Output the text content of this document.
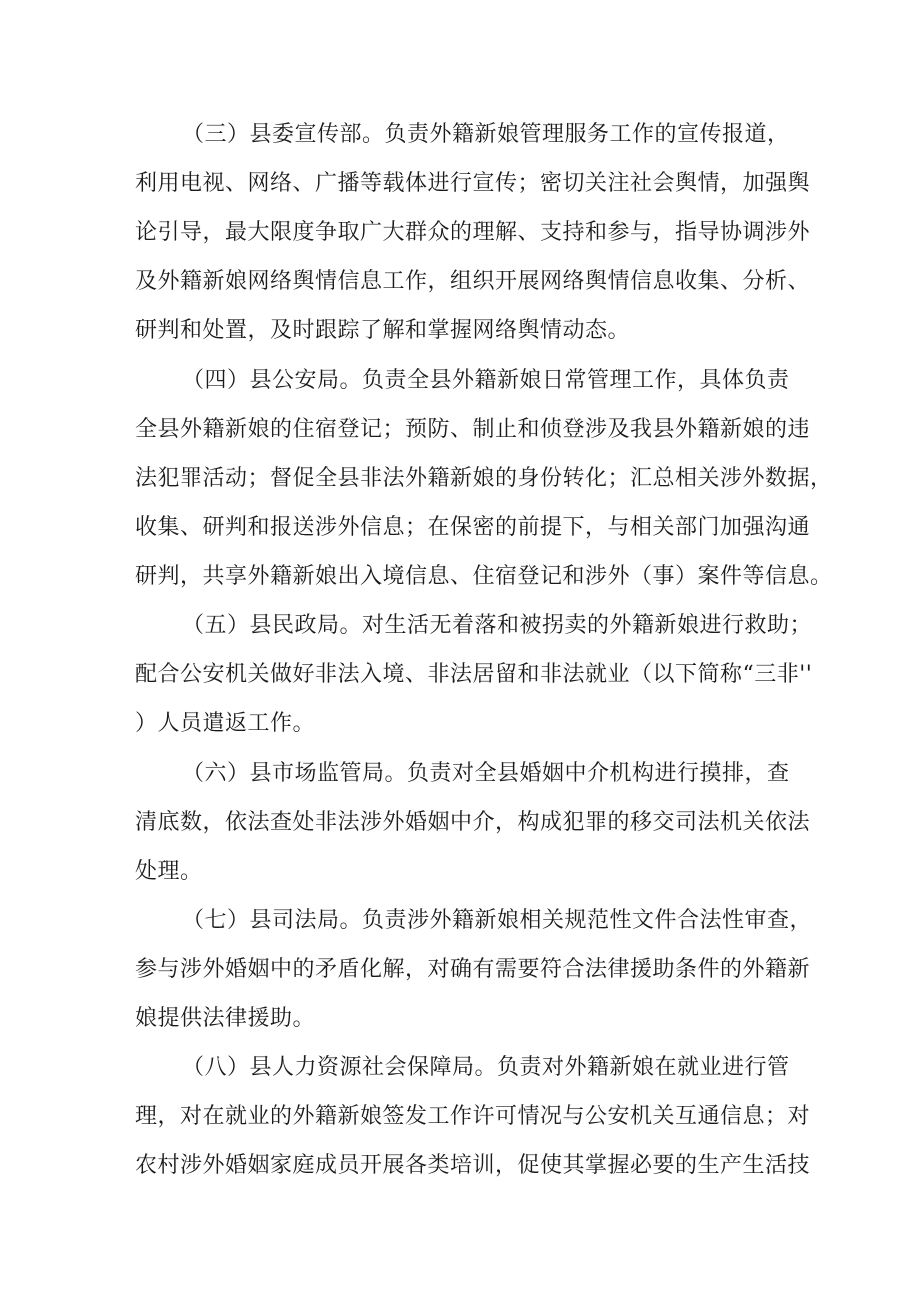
（三）县委宣传部。负责外籍新娘管理服务工作的宣传报道，
利用电视、网络、广播等载体进行宣传；密切关注社会舆情，加强舆
论引导，最大限度争取广大群众的理解、支持和参与，指导协调涉外
及外籍新娘网络舆情信息工作，组织开展网络舆情信息收集、分析、
研判和处置，及时跟踪了解和掌握网络舆情动态。
（四）县公安局。负责全县外籍新娘日常管理工作，具体负责
全县外籍新娘的住宿登记；预防、制止和侦登涉及我县外籍新娘的违
法犯罪活动；督促全县非法外籍新娘的身份转化；汇总相关涉外数据，
收集、研判和报送涉外信息；在保密的前提下，与相关部门加强沟通
研判，共享外籍新娘出入境信息、住宿登记和涉外（事）案件等信息。
（五）县民政局。对生活无着落和被拐卖的外籍新娘进行救助；
配合公安机关做好非法入境、非法居留和非法就业（以下简称“三非''
）人员遣返工作。
（六）县市场监管局。负责对全县婚姻中介机构进行摸排，查
清底数，依法查处非法涉外婚姻中介，构成犯罪的移交司法机关依法
处理。
（七）县司法局。负责涉外籍新娘相关规范性文件合法性审查，
参与涉外婚姻中的矛盾化解，对确有需要符合法律援助条件的外籍新
娘提供法律援助。
（八）县人力资源社会保障局。负责对外籍新娘在就业进行管
理，对在就业的外籍新娘签发工作许可情况与公安机关互通信息；对
农村涉外婚姻家庭成员开展各类培训，促使其掌握必要的生产生活技
